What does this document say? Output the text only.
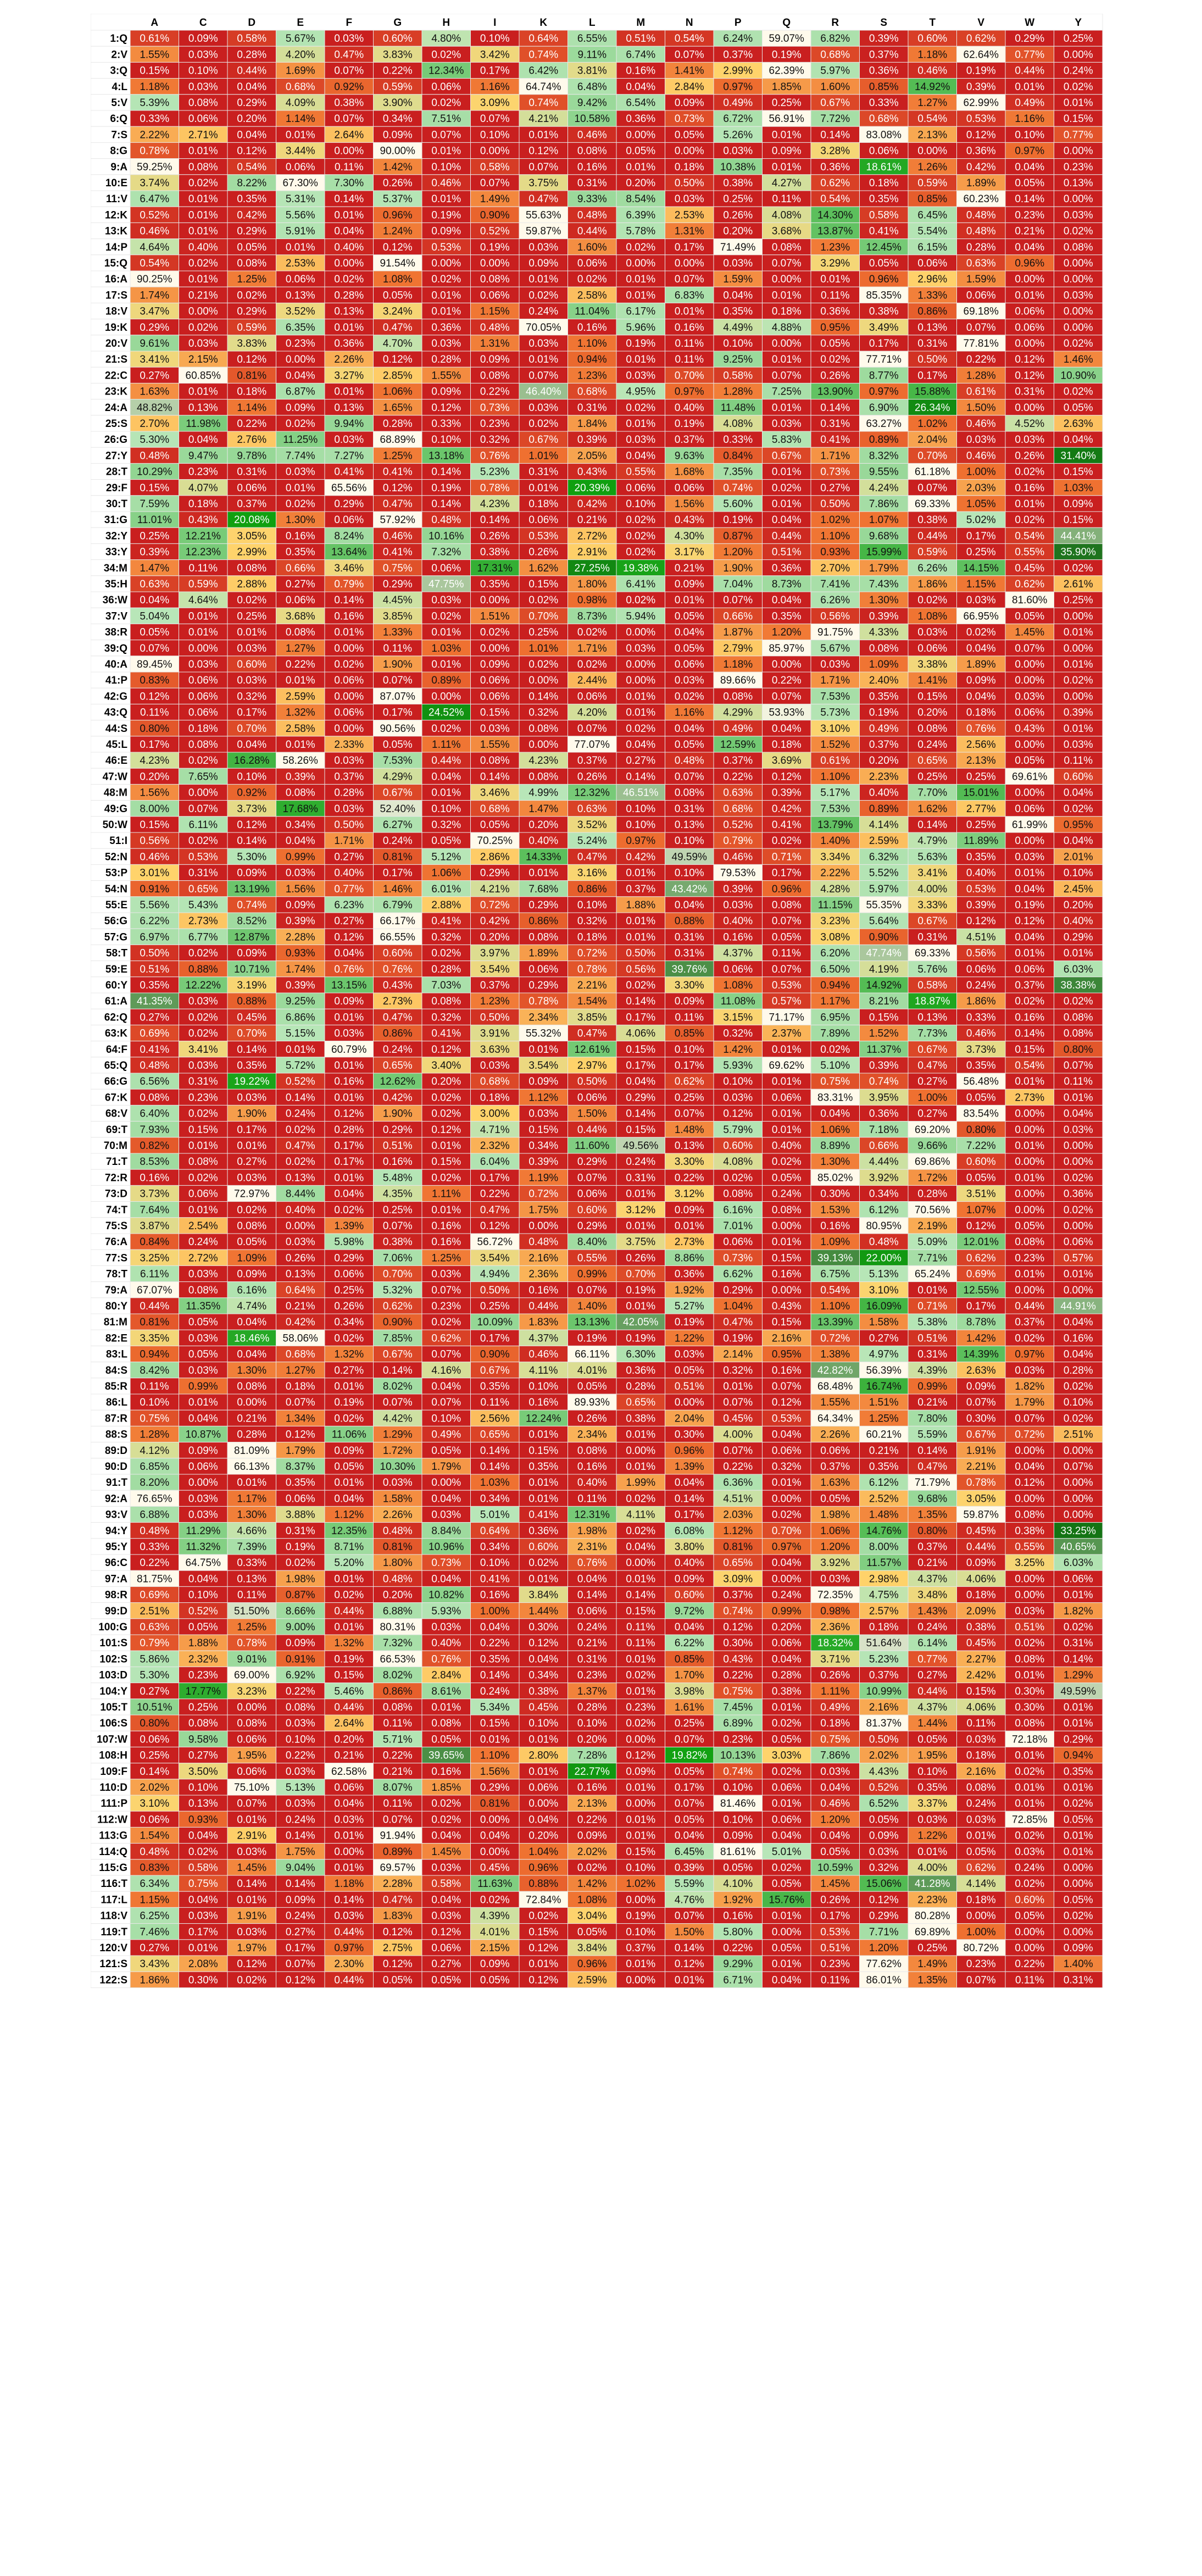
A	C	D	E	F	G	H	I	K	L	M	N	P	Q	R	S	T	V	W	Y
1:Q 0.61% 0.09% 0.58% 5.67% 0.03% 0.60% 4.80% 0.10% 0.64% 6.55% 0.51% 0.54% 6.24% 59.07% 6.82% 0.39% 0.60% 0.62% 0.29% 0.25%
2:V 1.55% 0.03% 0.28% 4.20% 0.47% 3.83% 0.02% 3.42% 0.74% 9.11% 6.74% 0.07% 0.37% 0.19% 0.68% 0.37% 1.18% 62.64% 0.77% 0.00%
3:Q 0.15% 0.10% 0.44% 1.69% 0.07% 0.22% 12.34% 0.17% 6.42% 3.81% 0.16% 1.41% 2.99% 62.39% 5.97% 0.36% 0.46% 0.19% 0.44% 0.24%
4:L 1.18% 0.03% 0.04% 0.68% 0.92% 0.59% 0.06% 1.16% 64.74% 6.48% 0.04% 2.84% 0.97% 1.85% 1.60% 0.85% 14.92% 0.39% 0.01% 0.02%
5:V 5.39% 0.08% 0.29% 4.09% 0.38% 3.90% 0.02% 3.09% 0.74% 9.42% 6.54% 0.09% 0.49% 0.25% 0.67% 0.33% 1.27% 62.99% 0.49% 0.01%
6:Q 0.33% 0.06% 0.20% 1.14% 0.07% 0.34% 7.51% 0.07% 4.21% 10.58% 0.36% 0.73% 6.72% 56.91% 7.72% 0.68% 0.54% 0.53% 1.16% 0.15%
7:S 2.22% 2.71% 0.04% 0.01% 2.64% 0.09% 0.07% 0.10% 0.01% 0.46% 0.00% 0.05% 5.26% 0.01% 0.14% 83.08% 2.13% 0.12% 0.10% 0.77%
8:G 0.78% 0.01% 0.12% 3.44% 0.00% 90.00% 0.01% 0.00% 0.12% 0.08% 0.05% 0.00% 0.03% 0.09% 3.28% 0.06% 0.00% 0.36% 0.97% 0.00%
9:A 59.25% 0.08% 0.54% 0.06% 0.11% 1.42% 0.10% 0.58% 0.07% 0.16% 0.01% 0.18% 10.38% 0.01% 0.36% 18.61% 1.26% 0.42% 0.04% 0.23%
10:E 3.74% 0.02% 8.22% 67.30% 7.30% 0.26% 0.46% 0.07% 3.75% 0.31% 0.20% 0.50% 0.38% 4.27% 0.62% 0.18% 0.59% 1.89% 0.05% 0.13%
11:V 6.47% 0.01% 0.35% 5.31% 0.14% 5.37% 0.01% 1.49% 0.47% 9.33% 8.54% 0.03% 0.25% 0.11% 0.54% 0.35% 0.85% 60.23% 0.14% 0.00%
12:K 0.52% 0.01% 0.42% 5.56% 0.01% 0.96% 0.19% 0.90% 55.63% 0.48% 6.39% 2.53% 0.26% 4.08% 14.30% 0.58% 6.45% 0.48% 0.23% 0.03%
13:K 0.46% 0.01% 0.29% 5.91% 0.04% 1.24% 0.09% 0.52% 59.87% 0.44% 5.78% 1.31% 0.20% 3.68% 13.87% 0.41% 5.54% 0.48% 0.21% 0.02%
14:P 4.64% 0.40% 0.05% 0.01% 0.40% 0.12% 0.53% 0.19% 0.03% 1.60% 0.02% 0.17% 71.49% 0.08% 1.23% 12.45% 6.15% 0.28% 0.04% 0.08%
15:Q 0.54% 0.02% 0.08% 2.53% 0.00% 91.54% 0.00% 0.00% 0.09% 0.06% 0.00% 0.00% 0.03% 0.07% 3.29% 0.05% 0.06% 0.63% 0.96% 0.00%
16:A 90.25% 0.01% 1.25% 0.06% 0.02% 1.08% 0.02% 0.08% 0.01% 0.02% 0.01% 0.07% 1.59% 0.00% 0.01% 0.96% 2.96% 1.59% 0.00% 0.00%
17:S 1.74% 0.21% 0.02% 0.13% 0.28% 0.05% 0.01% 0.06% 0.02% 2.58% 0.01% 6.83% 0.04% 0.01% 0.11% 85.35% 1.33% 0.06% 0.01% 0.03%
18:V 3.47% 0.00% 0.29% 3.52% 0.13% 3.24% 0.01% 1.15% 0.24% 11.04% 6.17% 0.01% 0.35% 0.18% 0.36% 0.38% 0.86% 69.18% 0.06% 0.00%
19:K 0.29% 0.02% 0.59% 6.35% 0.01% 0.47% 0.36% 0.48% 70.05% 0.16% 5.96% 0.16% 4.49% 4.88% 0.95% 3.49% 0.13% 0.07% 0.06% 0.00%
20:V 9.61% 0.03% 3.83% 0.23% 0.36% 4.70% 0.03% 1.31% 0.03% 1.10% 0.19% 0.11% 0.10% 0.00% 0.05% 0.17% 0.31% 77.81% 0.00% 0.02%
21:S 3.41% 2.15% 0.12% 0.00% 2.26% 0.12% 0.28% 0.09% 0.01% 0.94% 0.01% 0.11% 9.25% 0.01% 0.02% 77.71% 0.50% 0.22% 0.12% 1.46%
22:C 0.27% 60.85% 0.81% 0.04% 3.27% 2.85% 1.55% 0.08% 0.07% 1.23% 0.03% 0.70% 0.58% 0.07% 0.26% 8.77% 0.17% 1.28% 0.12% 10.90%
23:K 1.63% 0.01% 0.18% 6.87% 0.01% 1.06% 0.09% 0.22% 46.40% 0.68% 4.95% 0.97% 1.28% 7.25% 13.90% 0.97% 15.88% 0.61% 0.31% 0.02%
24:A 48.82% 0.13% 1.14% 0.09% 0.13% 1.65% 0.12% 0.73% 0.03% 0.31% 0.02% 0.40% 11.48% 0.01% 0.14% 6.90% 26.34% 1.50% 0.00% 0.05%
25:S 2.70% 11.98% 0.22% 0.02% 9.94% 0.28% 0.33% 0.23% 0.02% 1.84% 0.01% 0.19% 4.08% 0.03% 0.31% 63.27% 1.02% 0.46% 4.52% 2.63%
26:G 5.30% 0.04% 2.76% 11.25% 0.03% 68.89% 0.10% 0.32% 0.67% 0.39% 0.03% 0.37% 0.33% 5.83% 0.41% 0.89% 2.04% 0.03% 0.03% 0.04%
27:Y 0.48% 9.47% 9.78% 7.74% 7.27% 1.25% 13.18% 0.76% 1.01% 2.05% 0.04% 9.63% 0.84% 0.67% 1.71% 8.32% 0.70% 0.46% 0.26% 31.40%
28:T 10.29% 0.23% 0.31% 0.03% 0.41% 0.41% 0.14% 5.23% 0.31% 0.43% 0.55% 1.68% 7.35% 0.01% 0.73% 9.55% 61.18% 1.00% 0.02% 0.15%
29:F 0.15% 4.07% 0.06% 0.01% 65.56% 0.12% 0.19% 0.78% 0.01% 20.39% 0.06% 0.06% 0.74% 0.02% 0.27% 4.24% 0.07% 2.03% 0.16% 1.03%
30:T 7.59% 0.18% 0.37% 0.02% 0.29% 0.47% 0.14% 4.23% 0.18% 0.42% 0.10% 1.56% 5.60% 0.01% 0.50% 7.86% 69.33% 1.05% 0.01% 0.09%
31:G 11.01% 0.43% 20.08% 1.30% 0.06% 57.92% 0.48% 0.14% 0.06% 0.21% 0.02% 0.43% 0.19% 0.04% 1.02% 1.07% 0.38% 5.02% 0.02% 0.15%
32:Y 0.25% 12.21% 3.05% 0.16% 8.24% 0.46% 10.16% 0.26% 0.53% 2.72% 0.02% 4.30% 0.87% 0.44% 1.10% 9.68% 0.44% 0.17% 0.54% 44.41%
33:Y 0.39% 12.23% 2.99% 0.35% 13.64% 0.41% 7.32% 0.38% 0.26% 2.91% 0.02% 3.17% 1.20% 0.51% 0.93% 15.99% 0.59% 0.25% 0.55% 35.90%
34:M 1.47% 0.11% 0.08% 0.66% 3.46% 0.75% 0.06% 17.31% 1.62% 27.25% 19.38% 0.21% 1.90% 0.36% 2.70% 1.79% 6.26% 14.15% 0.45% 0.02%
35:H 0.63% 0.59% 2.88% 0.27% 0.79% 0.29% 47.75% 0.35% 0.15% 1.80% 6.41% 0.09% 7.04% 8.73% 7.41% 7.43% 1.86% 1.15% 0.62% 2.61%
36:W 0.04% 4.64% 0.02% 0.06% 0.14% 4.45% 0.03% 0.00% 0.02% 0.98% 0.02% 0.01% 0.07% 0.04% 6.26% 1.30% 0.02% 0.03% 81.60% 0.25%
37:V 5.04% 0.01% 0.25% 3.68% 0.16% 3.85% 0.02% 1.51% 0.70% 8.73% 5.94% 0.05% 0.66% 0.35% 0.56% 0.39% 1.08% 66.95% 0.05% 0.00%
38:R 0.05% 0.01% 0.01% 0.08% 0.01% 1.33% 0.01% 0.02% 0.25% 0.02% 0.00% 0.04% 1.87% 1.20% 91.75% 4.33% 0.03% 0.02% 1.45% 0.01%
39:Q 0.07% 0.00% 0.03% 1.27% 0.00% 0.11% 1.03% 0.00% 1.01% 1.71% 0.03% 0.05% 2.79% 85.97% 5.67% 0.08% 0.06% 0.04% 0.07% 0.00%
40:A 89.45% 0.03% 0.60% 0.22% 0.02% 1.90% 0.01% 0.09% 0.02% 0.02% 0.00% 0.06% 1.18% 0.00% 0.03% 1.09% 3.38% 1.89% 0.00% 0.01%
41:P 0.83% 0.06% 0.03% 0.01% 0.06% 0.07% 0.89% 0.06% 0.00% 2.44% 0.00% 0.03% 89.66% 0.22% 1.71% 2.40% 1.41% 0.09% 0.00% 0.02%
42:G 0.12% 0.06% 0.32% 2.59% 0.00% 87.07% 0.00% 0.06% 0.14% 0.06% 0.01% 0.02% 0.08% 0.07% 7.53% 0.35% 0.15% 0.04% 0.03% 0.00%
43:Q 0.11% 0.06% 0.17% 1.32% 0.06% 0.17% 24.52% 0.15% 0.32% 4.20% 0.01% 1.16% 4.29% 53.93% 5.73% 0.19% 0.20% 0.18% 0.06% 0.39%
44:S 0.80% 0.18% 0.70% 2.58% 0.00% 90.56% 0.02% 0.03% 0.08% 0.07% 0.02% 0.04% 0.49% 0.04% 3.10% 0.49% 0.08% 0.76% 0.43% 0.01%
45:L 0.17% 0.08% 0.04% 0.01% 2.33% 0.05% 1.11% 1.55% 0.00% 77.07% 0.04% 0.05% 12.59% 0.18% 1.52% 0.37% 0.24% 2.56% 0.00% 0.03%
46:E 4.23% 0.02% 16.28% 58.26% 0.03% 7.53% 0.44% 0.08% 4.23% 0.37% 0.27% 0.48% 0.37% 3.69% 0.61% 0.20% 0.65% 2.13% 0.05% 0.11%
47:W 0.20% 7.65% 0.10% 0.39% 0.37% 4.29% 0.04% 0.14% 0.08% 0.26% 0.14% 0.07% 0.22% 0.12% 1.10% 2.23% 0.25% 0.25% 69.61% 0.60%
48:M 1.56% 0.00% 0.92% 0.08% 0.28% 0.67% 0.01% 3.46% 4.99% 12.32% 46.51% 0.08% 0.63% 0.39% 5.17% 0.40% 7.70% 15.01% 0.00% 0.04%
49:G 8.00% 0.07% 3.73% 17.68% 0.03% 52.40% 0.10% 0.68% 1.47% 0.63% 0.10% 0.31% 0.68% 0.42% 7.53% 0.89% 1.62% 2.77% 0.06% 0.02%
50:W 0.15% 6.11% 0.12% 0.34% 0.50% 6.27% 0.32% 0.05% 0.20% 3.52% 0.10% 0.13% 0.52% 0.41% 13.79% 4.14% 0.14% 0.25% 61.99% 0.95%
51:I 0.56% 0.02% 0.14% 0.04% 1.71% 0.24% 0.05% 70.25% 0.40% 5.24% 0.97% 0.10% 0.79% 0.02% 1.40% 2.59% 4.79% 11.89% 0.00% 0.04%
52:N 0.46% 0.53% 5.30% 0.99% 0.27% 0.81% 5.12% 2.86% 14.33% 0.47% 0.42% 49.59% 0.46% 0.71% 3.34% 6.32% 5.63% 0.35% 0.03% 2.01%
53:P 3.01% 0.31% 0.09% 0.03% 0.40% 0.17% 1.06% 0.29% 0.01% 3.16% 0.01% 0.10% 79.53% 0.17% 2.22% 5.52% 3.41% 0.40% 0.01% 0.10%
54:N 0.91% 0.65% 13.19% 1.56% 0.77% 1.46% 6.01% 4.21% 7.68% 0.86% 0.37% 43.42% 0.39% 0.96% 4.28% 5.97% 4.00% 0.53% 0.04% 2.45%
55:E 5.56% 5.43% 0.74% 0.09% 6.23% 6.79% 2.88% 0.72% 0.29% 0.10% 1.88% 0.04% 0.03% 0.08% 11.15% 55.35% 3.33% 0.39% 0.19% 0.20%
56:G 6.22% 2.73% 8.52% 0.39% 0.27% 66.17% 0.41% 0.42% 0.86% 0.32% 0.01% 0.88% 0.40% 0.07% 3.23% 5.64% 0.67% 0.12% 0.12% 0.40%
57:G 6.97% 6.77% 12.87% 2.28% 0.12% 66.55% 0.32% 0.20% 0.08% 0.18% 0.01% 0.31% 0.16% 0.05% 3.08% 0.90% 0.31% 4.51% 0.04% 0.29%
58:T 0.50% 0.02% 0.09% 0.93% 0.04% 0.60% 0.02% 3.97% 1.89% 0.72% 0.50% 0.31% 4.37% 0.11% 6.20% 47.74% 69.33% 0.56% 0.01% 0.01%
59:E 0.51% 0.88% 10.71% 1.74% 0.76% 0.76% 0.28% 3.54% 0.06% 0.78% 0.56% 39.76% 0.06% 0.07% 6.50% 4.19% 5.76% 0.06% 0.06% 6.03%
60:Y 0.35% 12.22% 3.19% 0.39% 13.15% 0.43% 7.03% 0.37% 0.29% 2.21% 0.02% 3.30% 1.08% 0.53% 0.94% 14.92% 0.58% 0.24% 0.37% 38.38%
61:A 41.35% 0.03% 0.88% 9.25% 0.09% 2.73% 0.08% 1.23% 0.78% 1.54% 0.14% 0.09% 11.08% 0.57% 1.17% 8.21% 18.87% 1.86% 0.02% 0.02%
62:Q 0.27% 0.02% 0.45% 6.86% 0.01% 0.47% 0.32% 0.50% 2.34% 3.85% 0.17% 0.11% 3.15% 71.17% 6.95% 0.15% 0.13% 0.33% 0.16% 0.08%
63:K 0.69% 0.02% 0.70% 5.15% 0.03% 0.86% 0.41% 3.91% 55.32% 0.47% 4.06% 0.85% 0.32% 2.37% 7.89% 1.52% 7.73% 0.46% 0.14% 0.08%
64:F 0.41% 3.41% 0.14% 0.01% 60.79% 0.24% 0.12% 3.63% 0.01% 12.61% 0.15% 0.10% 1.42% 0.01% 0.02% 11.37% 0.67% 3.73% 0.15% 0.80%
65:Q 0.48% 0.03% 0.35% 5.72% 0.01% 0.65% 3.40% 0.03% 3.54% 2.97% 0.17% 0.17% 5.93% 69.62% 5.10% 0.39% 0.47% 0.35% 0.54% 0.07%
66:G 6.56% 0.31% 19.22% 0.52% 0.16% 12.62% 0.20% 0.68% 0.09% 0.50% 0.04% 0.62% 0.10% 0.01% 0.75% 0.74% 0.27% 56.48% 0.01% 0.11%
67:K 0.08% 0.23% 0.03% 0.14% 0.01% 0.42% 0.02% 0.18% 1.12% 0.06% 0.29% 0.25% 0.03% 0.06% 83.31% 3.95% 1.00% 0.05% 2.73% 0.01%
68:V 6.40% 0.02% 1.90% 0.24% 0.12% 1.90% 0.02% 3.00% 0.03% 1.50% 0.14% 0.07% 0.12% 0.01% 0.04% 0.36% 0.27% 83.54% 0.00% 0.04%
69:T 7.93% 0.15% 0.17% 0.02% 0.28% 0.29% 0.12% 4.71% 0.15% 0.44% 0.15% 1.48% 5.79% 0.01% 1.06% 7.18% 69.20% 0.80% 0.00% 0.03%
70:M 0.82% 0.01% 0.01% 0.47% 0.17% 0.51% 0.01% 2.32% 0.34% 11.60% 49.56% 0.13% 0.60% 0.40% 8.89% 0.66% 9.66% 7.22% 0.01% 0.00%
71:T 8.53% 0.08% 0.27% 0.02% 0.17% 0.16% 0.15% 6.04% 0.39% 0.29% 0.24% 3.30% 4.08% 0.02% 1.30% 4.44% 69.86% 0.60% 0.00% 0.00%
72:R 0.16% 0.02% 0.03% 0.13% 0.01% 5.48% 0.02% 0.17% 1.19% 0.07% 0.31% 0.22% 0.02% 0.05% 85.02% 3.92% 1.72% 0.05% 0.01% 0.02%
73:D 3.73% 0.06% 72.97% 8.44% 0.04% 4.35% 1.11% 0.22% 0.72% 0.06% 0.01% 3.12% 0.08% 0.24% 0.30% 0.34% 0.28% 3.51% 0.00% 0.36%
74:T 7.64% 0.01% 0.02% 0.40% 0.02% 0.25% 0.01% 0.47% 1.75% 0.60% 3.12% 0.09% 6.16% 0.08% 1.53% 6.12% 70.56% 1.07% 0.00% 0.02%
75:S 3.87% 2.54% 0.08% 0.00% 1.39% 0.07% 0.16% 0.12% 0.00% 0.29% 0.01% 0.01% 7.01% 0.00% 0.16% 80.95% 2.19% 0.12% 0.05% 0.00%
76:A 0.84% 0.24% 0.05% 0.03% 5.98% 0.38% 0.16% 56.72% 0.48% 8.40% 3.75% 2.73% 0.06% 0.01% 1.09% 0.48% 5.09% 12.01% 0.08% 0.06%
77:S 3.25% 2.72% 1.09% 0.26% 0.29% 7.06% 1.25% 3.54% 2.16% 0.55% 0.26% 8.86% 0.73% 0.15% 39.13% 22.00% 7.71% 0.62% 0.23% 0.57%
78:T 6.11% 0.03% 0.09% 0.13% 0.06% 0.70% 0.03% 4.94% 2.36% 0.99% 0.70% 0.36% 6.62% 0.16% 6.75% 5.13% 65.24% 0.69% 0.01% 0.01%
79:A 67.07% 0.08% 6.16% 0.64% 0.25% 5.32% 0.07% 0.50% 0.16% 0.07% 0.19% 1.92% 0.29% 0.00% 0.54% 3.10% 0.01% 12.55% 0.00% 0.00%
80:Y 0.44% 11.35% 4.74% 0.21% 0.26% 0.62% 0.23% 0.25% 0.44% 1.40% 0.01% 5.27% 1.04% 0.43% 1.10% 16.09% 0.71% 0.17% 0.44% 44.91%
81:M 0.81% 0.05% 0.04% 0.42% 0.34% 0.90% 0.02% 10.09% 1.83% 13.13% 42.05% 0.19% 0.47% 0.15% 13.39% 1.58% 5.38% 8.78% 0.37% 0.04%
82:E 3.35% 0.03% 18.46% 58.06% 0.02% 7.85% 0.62% 0.17% 4.37% 0.19% 0.19% 1.22% 0.19% 2.16% 0.72% 0.27% 0.51% 1.42% 0.02% 0.16%
83:L 0.94% 0.05% 0.04% 0.68% 1.32% 0.67% 0.07% 0.90% 0.46% 66.11% 6.30% 0.03% 2.14% 0.95% 1.38% 4.97% 0.31% 14.39% 0.97% 0.04%
84:S 8.42% 0.03% 1.30% 1.27% 0.27% 0.14% 4.16% 0.67% 4.11% 4.01% 0.36% 0.05% 0.32% 0.16% 42.82% 56.39% 4.39% 2.63% 0.03% 0.28%
85:R 0.11% 0.99% 0.08% 0.18% 0.01% 8.02% 0.04% 0.35% 0.10% 0.05% 0.28% 0.51% 0.01% 0.07% 68.48% 16.74% 0.99% 0.09% 1.82% 0.02%
86:L 0.10% 0.01% 0.00% 0.07% 0.19% 0.07% 0.07% 0.11% 0.16% 89.93% 0.65% 0.00% 0.07% 0.12% 1.55% 1.51% 0.21% 0.07% 1.79% 0.10%
87:R 0.75% 0.04% 0.21% 1.34% 0.02% 4.42% 0.10% 2.56% 12.24% 0.26% 0.38% 2.04% 0.45% 0.53% 64.34% 1.25% 7.80% 0.30% 0.07% 0.02%
88:S 1.28% 10.87% 0.28% 0.12% 11.06% 1.29% 0.49% 0.65% 0.01% 2.34% 0.01% 0.30% 4.00% 0.04% 2.26% 60.21% 5.59% 0.67% 0.72% 2.51%
89:D 4.12% 0.09% 81.09% 1.79% 0.09% 1.72% 0.05% 0.14% 0.15% 0.08% 0.00% 0.96% 0.07% 0.06% 0.06% 0.21% 0.14% 1.91% 0.00% 0.00%
90:D 6.85% 0.06% 66.13% 8.37% 0.05% 10.30% 1.79% 0.14% 0.35% 0.16% 0.01% 1.39% 0.22% 0.32% 0.37% 0.35% 0.47% 2.21% 0.04% 0.07%
91:T 8.20% 0.00% 0.01% 0.35% 0.01% 0.03% 0.00% 1.03% 0.01% 0.40% 1.99% 0.04% 6.36% 0.01% 1.63% 6.12% 71.79% 0.78% 0.12% 0.00%
92:A 76.65% 0.03% 1.17% 0.06% 0.04% 1.58% 0.04% 0.34% 0.01% 0.11% 0.02% 0.14% 4.51% 0.00% 0.05% 2.52% 9.68% 3.05% 0.00% 0.00%
93:V 6.88% 0.03% 1.30% 3.88% 1.12% 2.26% 0.03% 5.01% 0.41% 12.31% 4.11% 0.17% 2.03% 0.02% 1.98% 1.48% 1.35% 59.87% 0.08% 0.00%
94:Y 0.48% 11.29% 4.66% 0.31% 12.35% 0.48% 8.84% 0.64% 0.36% 1.98% 0.02% 6.08% 1.12% 0.70% 1.06% 14.76% 0.80% 0.45% 0.38% 33.25%
95:Y 0.33% 11.32% 7.39% 0.19% 8.71% 0.81% 10.96% 0.34% 0.60% 2.31% 0.04% 3.80% 0.81% 0.97% 1.20% 8.00% 0.37% 0.44% 0.55% 40.65%
96:C 0.22% 64.75% 0.33% 0.02% 5.20% 1.80% 0.73% 0.10% 0.02% 0.76% 0.00% 0.40% 0.65% 0.04% 3.92% 11.57% 0.21% 0.09% 3.25% 6.03%
97:A 81.75% 0.04% 0.13% 1.98% 0.01% 0.48% 0.04% 0.41% 0.01% 0.04% 0.01% 0.09% 3.09% 0.00% 0.03% 2.98% 4.37% 4.06% 0.00% 0.06%
98:R 0.69% 0.10% 0.11% 0.87% 0.02% 0.20% 10.82% 0.16% 3.84% 0.14% 0.14% 0.60% 0.37% 0.24% 72.35% 4.75% 3.48% 0.18% 0.00% 0.01%
99:D 2.51% 0.52% 51.50% 8.66% 0.44% 6.88% 5.93% 1.00% 1.44% 0.06% 0.15% 9.72% 0.74% 0.99% 0.98% 2.57% 1.43% 2.09% 0.03% 1.82%
100:G 0.63% 0.05% 1.25% 9.00% 0.01% 80.31% 0.03% 0.04% 0.30% 0.24% 0.11% 0.04% 0.12% 0.20% 2.36% 0.18% 0.24% 0.38% 0.51% 0.02%
101:S 0.79% 1.88% 0.78% 0.09% 1.32% 7.32% 0.40% 0.22% 0.12% 0.21% 0.11% 6.22% 0.30% 0.06% 18.32% 51.64% 6.14% 0.45% 0.02% 0.31%
102:S 5.86% 2.32% 9.01% 0.91% 0.19% 66.53% 0.76% 0.35% 0.04% 0.31% 0.01% 0.85% 0.43% 0.04% 3.71% 5.23% 0.77% 2.27% 0.08% 0.14%
103:D 5.30% 0.23% 69.00% 6.92% 0.15% 8.02% 2.84% 0.14% 0.34% 0.23% 0.02% 1.70% 0.22% 0.28% 0.26% 0.37% 0.27% 2.42% 0.01% 1.29%
104:Y 0.27% 17.77% 3.23% 0.22% 5.46% 0.86% 8.61% 0.24% 0.38% 1.37% 0.01% 3.98% 0.75% 0.38% 1.11% 10.99% 0.44% 0.15% 0.30% 49.59%
105:T 10.51% 0.25% 0.00% 0.08% 0.44% 0.08% 0.01% 5.34% 0.45% 0.28% 0.23% 1.61% 7.45% 0.01% 0.49% 2.16% 4.37% 4.06% 0.30% 0.01%
106:S 0.80% 0.08% 0.08% 0.03% 2.64% 0.11% 0.08% 0.15% 0.10% 0.10% 0.02% 0.25% 6.89% 0.02% 0.18% 81.37% 1.44% 0.11% 0.08% 0.01%
107:W 0.06% 9.58% 0.06% 0.10% 0.20% 5.71% 0.05% 0.01% 0.01% 0.20% 0.00% 0.07% 0.23% 0.05% 0.75% 0.50% 0.05% 0.03% 72.18% 0.29%
108:H 0.25% 0.27% 1.95% 0.22% 0.21% 0.22% 39.65% 1.10% 2.80% 7.28% 0.12% 19.82% 10.13% 3.03% 7.86% 2.02% 1.95% 0.18% 0.01% 0.94%
109:F 0.14% 3.50% 0.06% 0.03% 62.58% 0.21% 0.16% 1.56% 0.01% 22.77% 0.09% 0.05% 0.74% 0.02% 0.03% 4.43% 0.10% 2.16% 0.02% 0.35%
110:D 2.02% 0.10% 75.10% 5.13% 0.06% 8.07% 1.85% 0.29% 0.06% 0.16% 0.01% 0.17% 0.10% 0.06% 0.04% 0.52% 0.35% 0.08% 0.01% 0.01%
111:P 3.10% 0.13% 0.07% 0.03% 0.04% 0.11% 0.02% 0.81% 0.00% 2.13% 0.00% 0.07% 81.46% 0.01% 0.46% 6.52% 3.37% 0.24% 0.01% 0.02%
112:W 0.06% 0.93% 0.01% 0.24% 0.03% 0.07% 0.02% 0.00% 0.04% 0.22% 0.01% 0.05% 0.10% 0.06% 1.20% 0.05% 0.03% 0.03% 72.85% 0.05%
113:G 1.54% 0.04% 2.91% 0.14% 0.01% 91.94% 0.04% 0.04% 0.20% 0.09% 0.01% 0.04% 0.09% 0.04% 0.04% 0.09% 1.22% 0.01% 0.02% 0.01%
114:Q 0.48% 0.02% 0.03% 1.75% 0.00% 0.89% 1.45% 0.00% 1.04% 2.02% 0.15% 6.45% 81.61% 5.01% 0.05% 0.03% 0.01% 0.05% 0.03% 0.01%
115:G 0.83% 0.58% 1.45% 9.04% 0.01% 69.57% 0.03% 0.45% 0.96% 0.02% 0.10% 0.39% 0.05% 0.02% 10.59% 0.32% 4.00% 0.62% 0.24% 0.00%
116:T 6.34% 0.75% 0.14% 0.14% 1.18% 2.28% 0.58% 11.63% 0.88% 1.42% 1.02% 5.59% 4.10% 0.05% 1.45% 15.06% 41.28% 4.14% 0.02% 0.00%
117:L 1.15% 0.04% 0.01% 0.09% 0.14% 0.47% 0.04% 0.02% 72.84% 1.08% 0.00% 4.76% 1.92% 15.76% 0.26% 0.12% 2.23% 0.18% 0.60% 0.05%
118:V 6.25% 0.03% 1.91% 0.24% 0.03% 1.83% 0.03% 4.39% 0.02% 3.04% 0.19% 0.07% 0.16% 0.01% 0.17% 0.29% 80.28% 0.00% 0.05% 0.02%
119:T 7.46% 0.17% 0.03% 0.27% 0.44% 0.12% 0.12% 4.01% 0.15% 0.05% 0.10% 1.50% 5.80% 0.00% 0.53% 7.71% 69.89% 1.00% 0.00% 0.00%
120:V 0.27% 0.01% 1.97% 0.17% 0.97% 2.75% 0.06% 2.15% 0.12% 3.84% 0.37% 0.14% 0.22% 0.05% 0.51% 1.20% 0.25% 80.72% 0.00% 0.09%
121:S 3.43% 2.08% 0.12% 0.07% 2.30% 0.12% 0.27% 0.09% 0.01% 0.96% 0.01% 0.12% 9.29% 0.01% 0.23% 77.62% 1.49% 0.23% 0.22% 1.40%
122:S 1.86% 0.30% 0.02% 0.12% 0.44% 0.05% 0.05% 0.05% 0.12% 2.59% 0.00% 0.01% 6.71% 0.04% 0.11% 86.01% 1.35% 0.07% 0.11% 0.31%
